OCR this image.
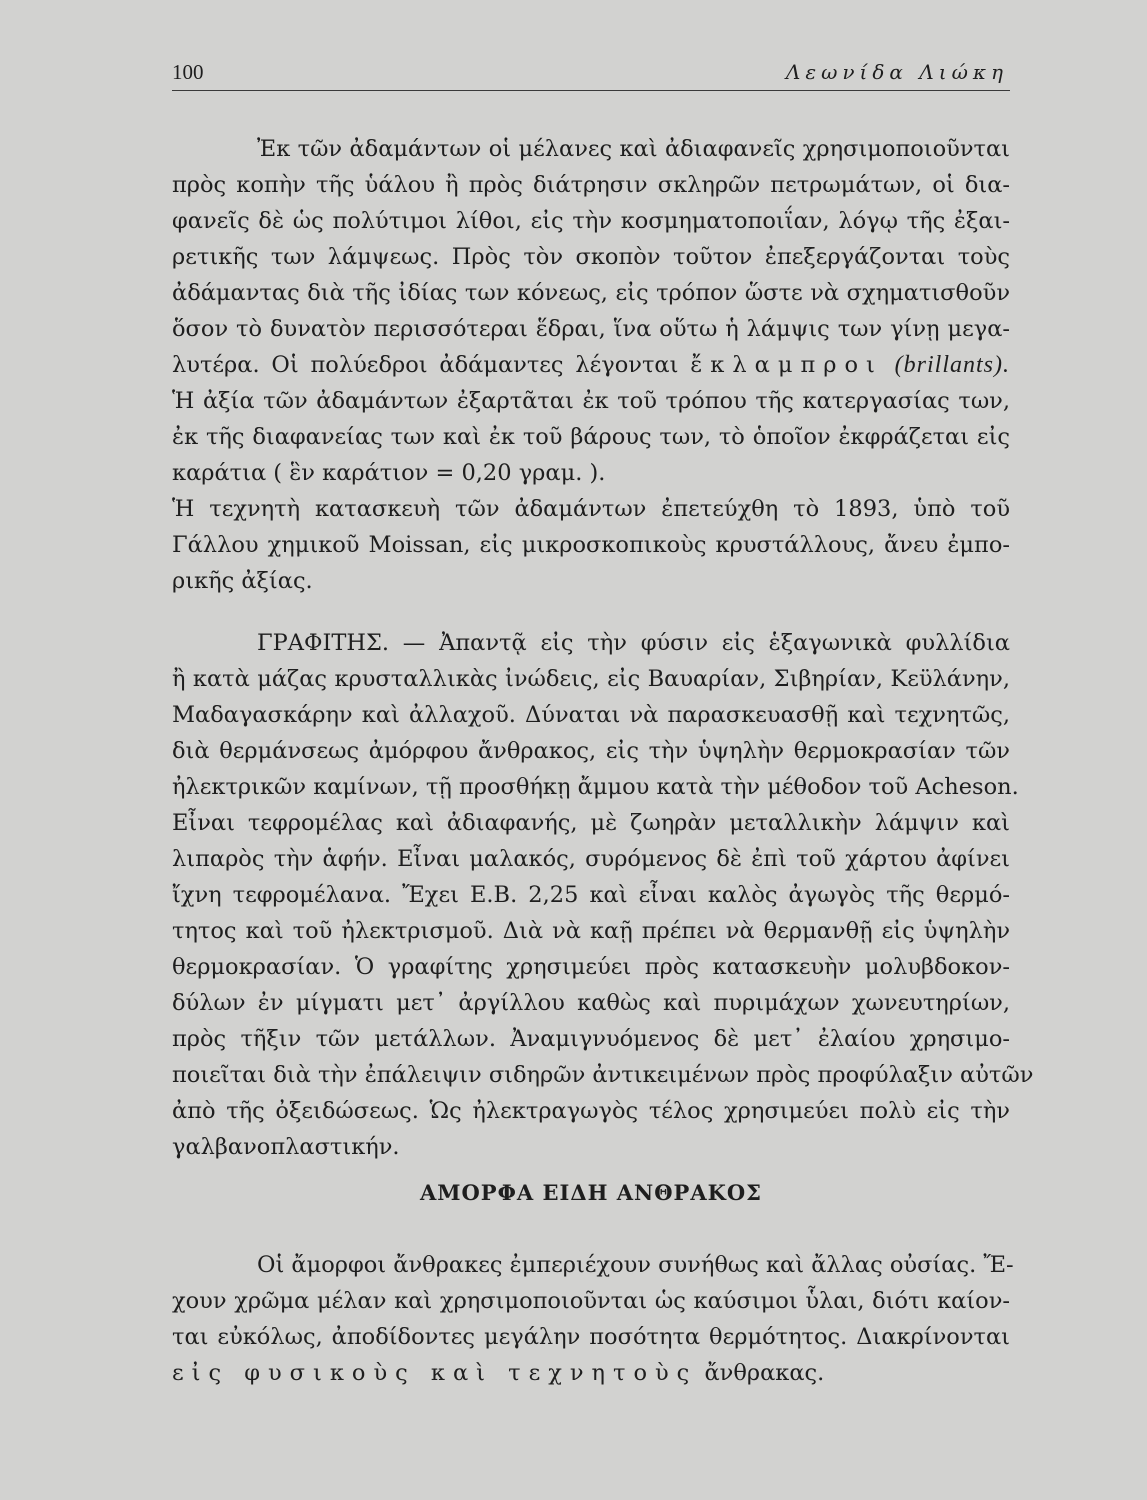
100	Λεωνίδα Λιώκη
Ἐκ τῶν ἀδαμάντων οἱ μέλανες καὶ ἀδιαφανεῖς χρησιμοποιοῦνται
πρὸς κοπὴν τῆς ὑάλου ἢ πρὸς διάτρησιν σκληρῶν πετρωμάτων, οἱ δια-
φανεῖς δὲ ὡς πολύτιμοι λίθοι, εἰς τὴν κοσμηματοποιΐαν, λόγῳ τῆς ἐξαι-
ρετικῆς των λάμψεως. Πρὸς τὸν σκοπὸν τοῦτον ἐπεξεργάζονται τοὺς
ἀδάμαντας διὰ τῆς ἰδίας των κόνεως, εἰς τρόπον ὥστε νὰ σχηματισθοῦν
ὅσον τὸ δυνατὸν περισσότεραι ἕδραι, ἵνα οὕτω ἡ λάμψις των γίνῃ μεγα-
λυτέρα. Οἱ πολύεδροι ἀδάμαντες λέγονται ἔκλαμπροι (brillants).
Ἡ ἀξία τῶν ἀδαμάντων ἐξαρτᾶται ἐκ τοῦ τρόπου τῆς κατεργασίας των,
ἐκ τῆς διαφανείας των καὶ ἐκ τοῦ βάρους των, τὸ ὁποῖον ἐκφράζεται εἰς
καράτια ( ἓν καράτιον = 0,20 γραμ. ).
Ἡ τεχνητὴ κατασκευὴ τῶν ἀδαμάντων ἐπετεύχθη τὸ 1893, ὑπὸ τοῦ
Γάλλου χημικοῦ Moissan, εἰς μικροσκοπικοὺς κρυστάλλους, ἄνευ ἐμπο-
ρικῆς ἀξίας.
ΓΡΑΦΙΤΗΣ. — Ἀπαντᾷ εἰς τὴν φύσιν εἰς ἑξαγωνικὰ φυλλίδια
ἢ κατὰ μάζας κρυσταλλικὰς ἰνώδεις, εἰς Βαυαρίαν, Σιβηρίαν, Κεϋλάνην,
Μαδαγασκάρην καὶ ἀλλαχοῦ. Δύναται νὰ παρασκευασθῇ καὶ τεχνητῶς,
διὰ θερμάνσεως ἀμόρφου ἄνθρακος, εἰς τὴν ὑψηλὴν θερμοκρασίαν τῶν
ἠλεκτρικῶν καμίνων, τῇ προσθήκῃ ἄμμου κατὰ τὴν μέθοδον τοῦ Acheson.
Εἶναι τεφρομέλας καὶ ἀδιαφανής, μὲ ζωηρὰν μεταλλικὴν λάμψιν καὶ
λιπαρὸς τὴν ἁφήν. Εἶναι μαλακός, συρόμενος δὲ ἐπὶ τοῦ χάρτου ἀφίνει
ἴχνη τεφρομέλανα. Ἔχει Ε.Β. 2,25 καὶ εἶναι καλὸς ἀγωγὸς τῆς θερμό-
τητος καὶ τοῦ ἠλεκτρισμοῦ. Διὰ νὰ καῇ πρέπει νὰ θερμανθῇ εἰς ὑψηλὴν
θερμοκρασίαν. Ὁ γραφίτης χρησιμεύει πρὸς κατασκευὴν μολυβδοκον-
δύλων ἐν μίγματι μετ᾽ ἀργίλλου καθὼς καὶ πυριμάχων χωνευτηρίων,
πρὸς τῆξιν τῶν μετάλλων. Ἀναμιγνυόμενος δὲ μετ᾽ ἐλαίου χρησιμο-
ποιεῖται διὰ τὴν ἐπάλειψιν σιδηρῶν ἀντικειμένων πρὸς προφύλαξιν αὐτῶν
ἀπὸ τῆς ὀξειδώσεως. Ὡς ἠλεκτραγωγὸς τέλος χρησιμεύει πολὺ εἰς τὴν
γαλβανοπλαστικήν.
ΑΜΟΡΦΑ ΕΙΔΗ ΑΝΘΡΑΚΟΣ
Οἱ ἄμορφοι ἄνθρακες ἐμπεριέχουν συνήθως καὶ ἄλλας οὐσίας. Ἔ-
χουν χρῶμα μέλαν καὶ χρησιμοποιοῦνται ὡς καύσιμοι ὗλαι, διότι καίον-
ται εὐκόλως, ἀποδίδοντες μεγάλην ποσότητα θερμότητος. Διακρίνονται
εἰς φυσικοὺς καὶ τεχνητοὺς ἄνθρακας.
